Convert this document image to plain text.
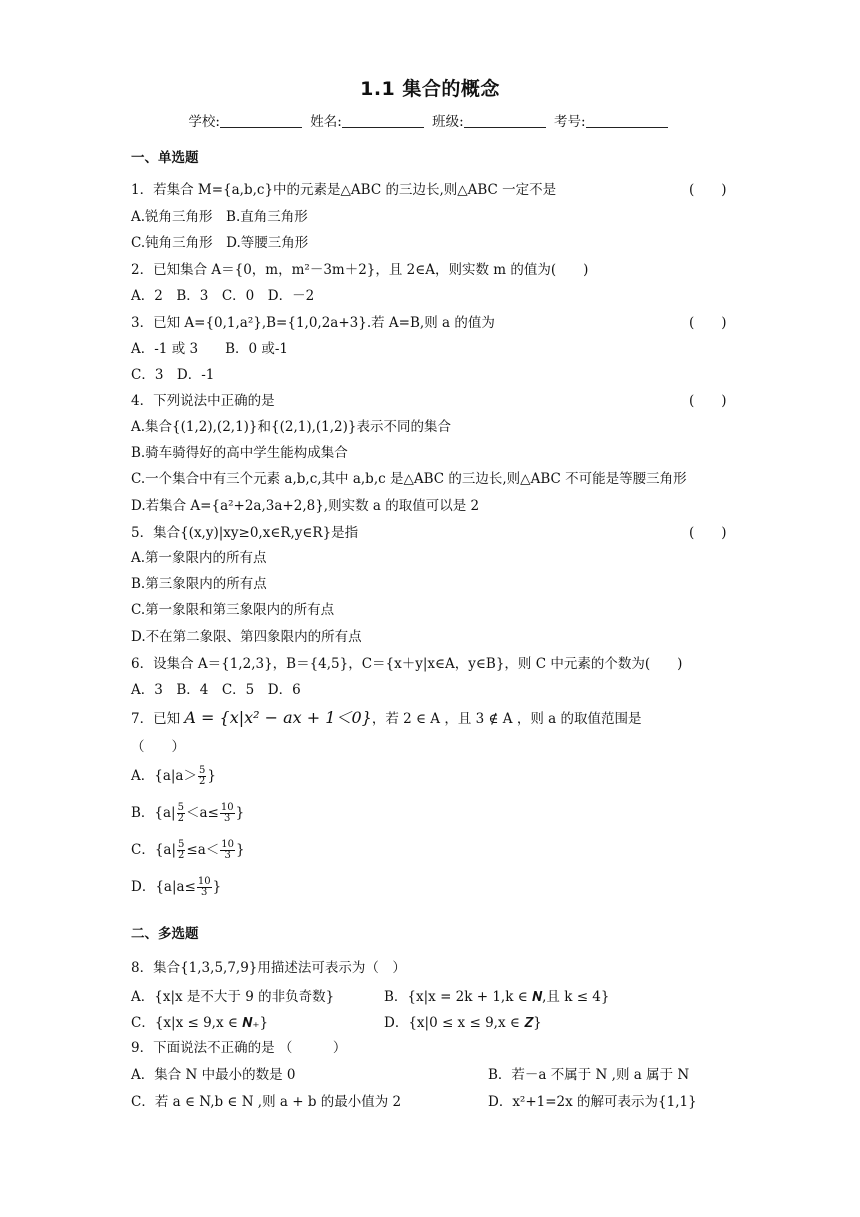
1.1 集合的概念
学校:	姓名:	班级:	考号:
一、单选题
1．若集合 M={a,b,c}中的元素是△ABC 的三边长,则△ABC 一定不是	(　　)
A.锐角三角形　B.直角三角形
C.钝角三角形　D.等腰三角形
2．已知集合 A＝{0，m，m²－3m＋2}，且 2∈A，则实数 m 的值为(　　)
A．2　B．3　C．0　D．－2
3．已知 A={0,1,a²},B={1,0,2a+3}.若 A=B,则 a 的值为	(　　)
A．-1 或 3　　B．0 或-1
C．3　D．-1
4．下列说法中正确的是	(　　)
A.集合{(1,2),(2,1)}和{(2,1),(1,2)}表示不同的集合
B.骑车骑得好的高中学生能构成集合
C.一个集合中有三个元素 a,b,c,其中 a,b,c 是△ABC 的三边长,则△ABC 不可能是等腰三角形
D.若集合 A={a²+2a,3a+2,8},则实数 a 的取值可以是 2
5．集合{(x,y)|xy≥0,x∈R,y∈R}是指	(　　)
A.第一象限内的所有点
B.第三象限内的所有点
C.第一象限和第三象限内的所有点
D.不在第二象限、第四象限内的所有点
6．设集合 A＝{1,2,3}，B＝{4,5}，C＝{x＋y|x∈A，y∈B}，则 C 中元素的个数为(　　)
A．3　B．4　C．5　D．6
7．已知 A = {x|x² − ax + 1＜0}，若 2 ∈ A ，且 3 ∉ A ，则 a 的取值范围是
（　　）
A．{$a|a> \frac{5}{2}$ }
B．{$a| \frac{5}{2} <a\le \frac{10}{3}$ }
C．{$a| \frac{5}{2} \le a< \frac{10}{3}$ }
D．{$a|a\le \frac{10}{3}$ }
二、多选题
8．集合{1,3,5,7,9}用描述法可表示为（　）
A．{x|x 是不大于 9 的非负奇数}	B．{x|x = 2k + 1,k ∈ 𝑵,且 k ≤ 4}
C．{x|x ≤ 9,x ∈ 𝑵₊}	D．{x|0 ≤ x ≤ 9,x ∈ 𝒁}
9．下面说法不正确的是 （　　　）
A．集合 N 中最小的数是 0	B．若－a 不属于 N ,则 a 属于 N
C．若 a ∈ N,b ∈ N ,则 a + b 的最小值为 2	D．x²+1=2x 的解可表示为{1,1}
